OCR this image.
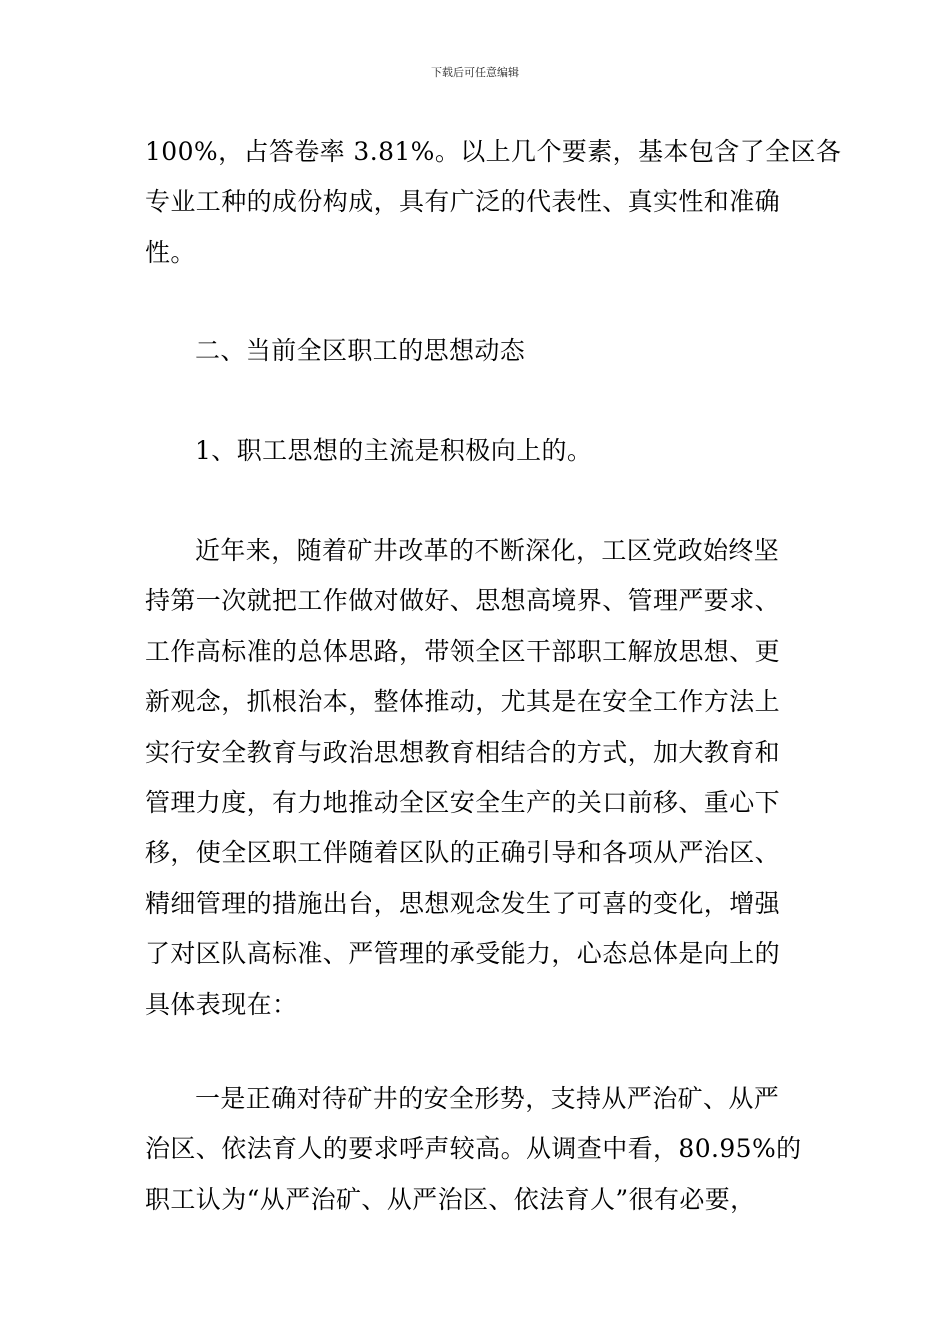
下载后可任意编辑
100%，占答卷率 3.81%。以上几个要素，基本包含了全区各
专业工种的成份构成，具有广泛的代表性、真实性和准确
性。
二、当前全区职工的思想动态
1、职工思想的主流是积极向上的。
近年来，随着矿井改革的不断深化，工区党政始终坚
持第一次就把工作做对做好、思想高境界、管理严要求、
工作高标准的总体思路，带领全区干部职工解放思想、更
新观念，抓根治本，整体推动，尤其是在安全工作方法上
实行安全教育与政治思想教育相结合的方式，加大教育和
管理力度，有力地推动全区安全生产的关口前移、重心下
移，使全区职工伴随着区队的正确引导和各项从严治区、
精细管理的措施出台，思想观念发生了可喜的变化，增强
了对区队高标准、严管理的承受能力，心态总体是向上的
具体表现在：
一是正确对待矿井的安全形势，支持从严治矿、从严
治区、依法育人的要求呼声较高。从调查中看，80.95%的
职工认为“从严治矿、从严治区、依法育人”很有必要，
